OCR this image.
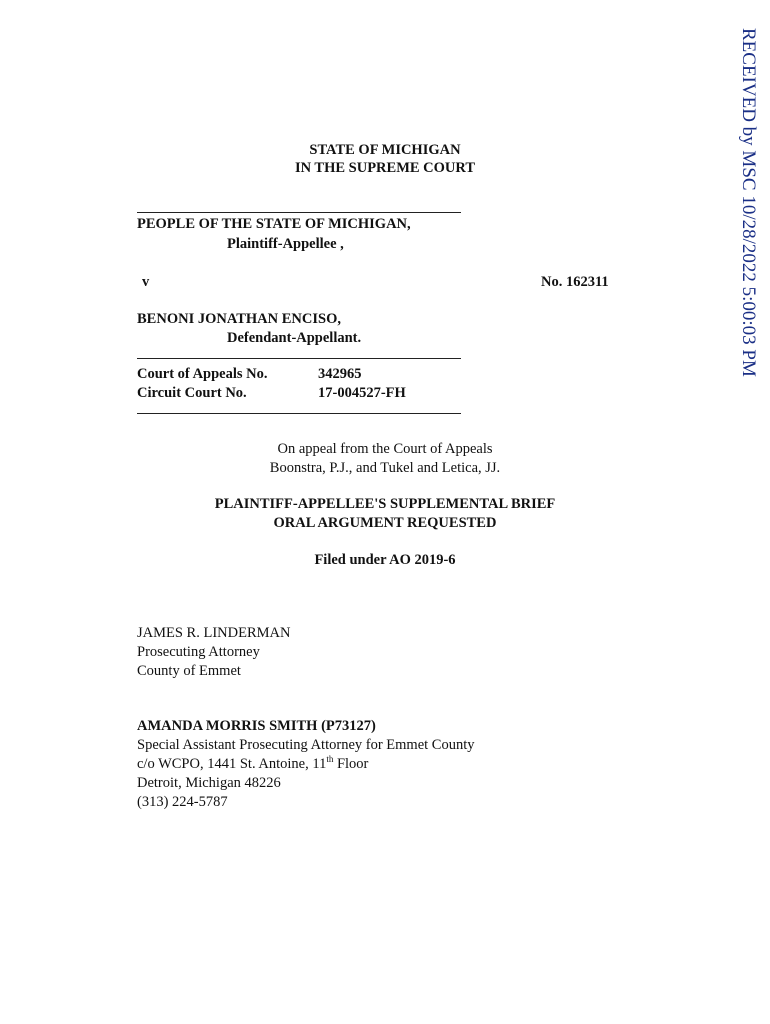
RECEIVED by MSC 10/28/2022 5:00:03 PM
STATE OF MICHIGAN
IN THE SUPREME COURT
PEOPLE OF THE STATE OF MICHIGAN,
Plaintiff-Appellee ,
v	No. 162311
BENONI JONATHAN ENCISO,
Defendant-Appellant.
Court of Appeals No.	342965
Circuit Court No.	17-004527-FH
On appeal from the Court of Appeals
Boonstra, P.J., and Tukel and Letica, JJ.
PLAINTIFF-APPELLEE'S SUPPLEMENTAL BRIEF
ORAL ARGUMENT REQUESTED
Filed under AO 2019-6
JAMES R. LINDERMAN
Prosecuting Attorney
County of Emmet
AMANDA MORRIS SMITH (P73127)
Special Assistant Prosecuting Attorney for Emmet County
c/o WCPO, 1441 St. Antoine, 11th Floor
Detroit, Michigan 48226
(313) 224-5787
